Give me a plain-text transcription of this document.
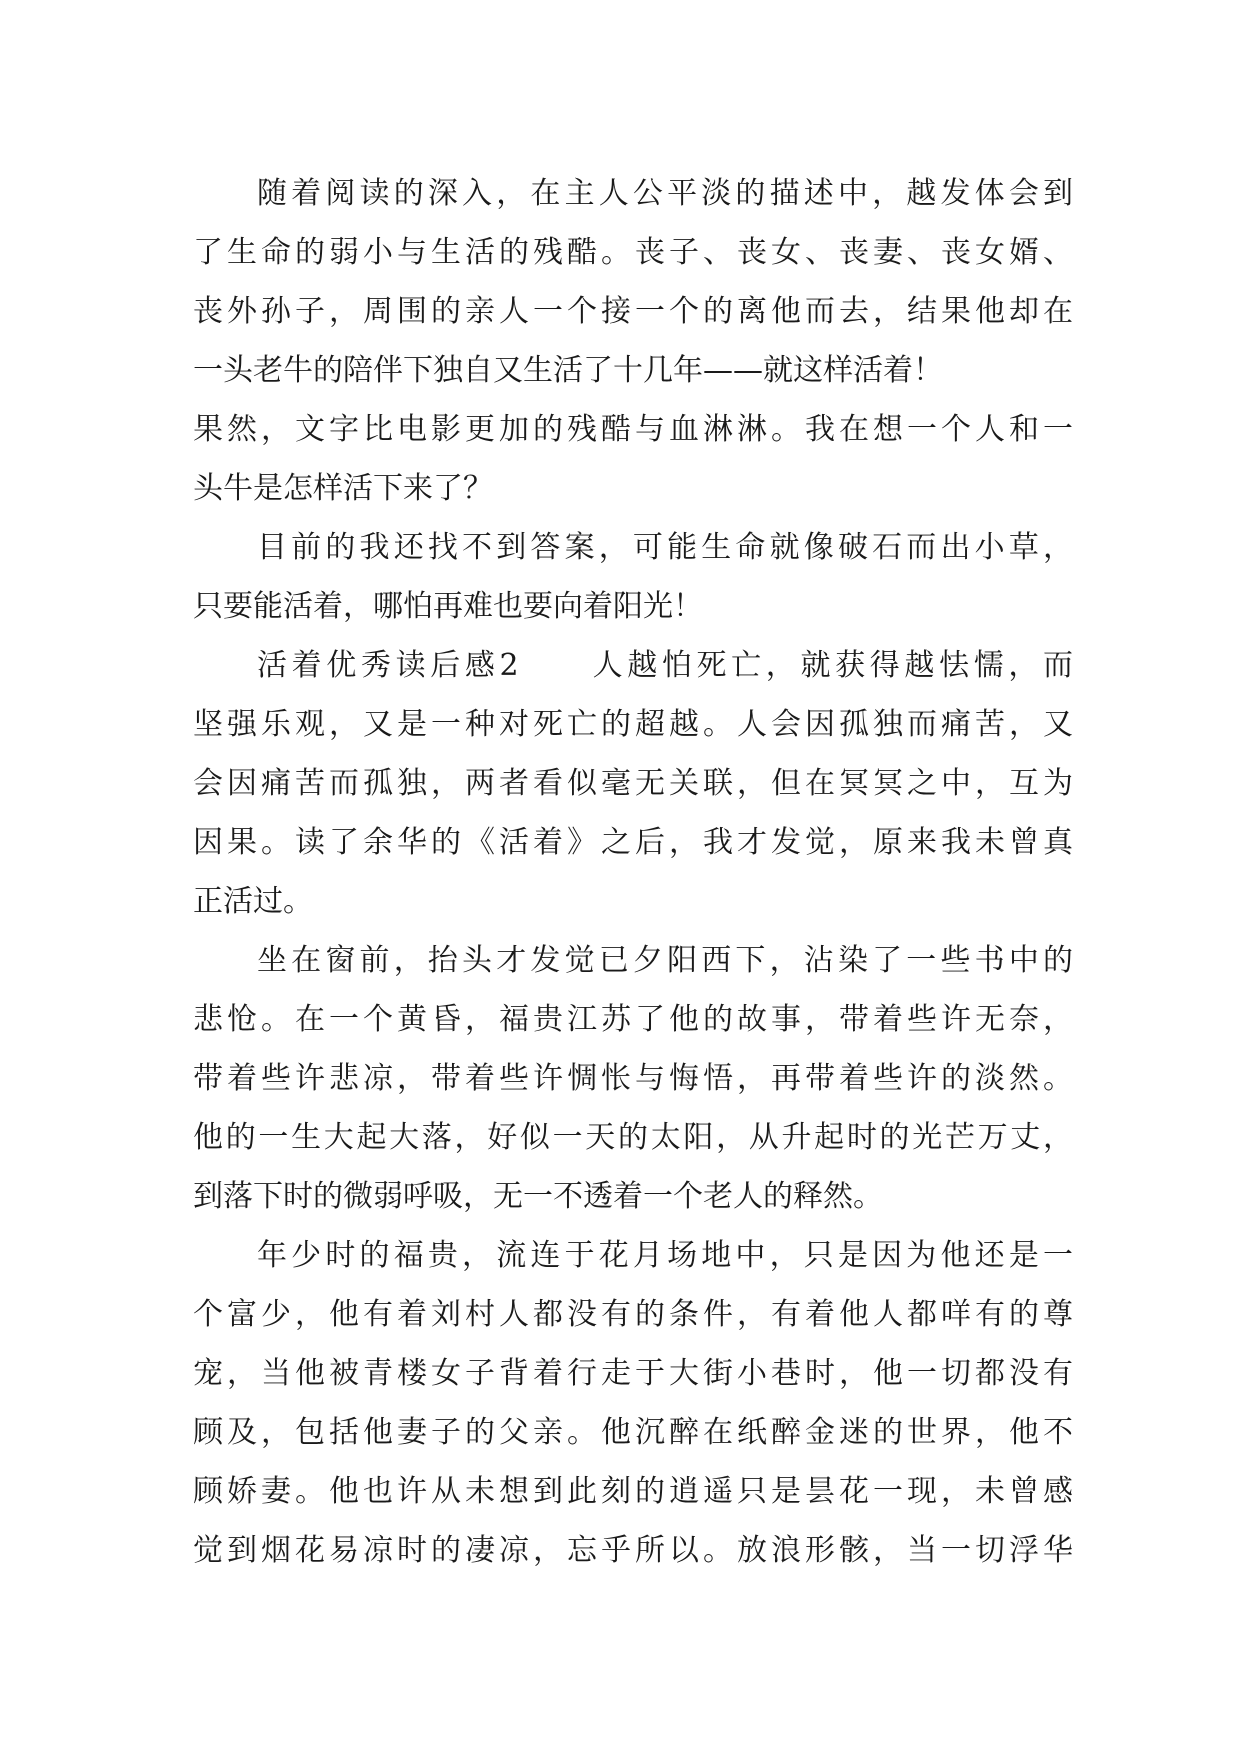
随着阅读的深入，在主人公平淡的描述中，越发体会到
了生命的弱小与生活的残酷。丧子、丧女、丧妻、丧女婿、
丧外孙子，周围的亲人一个接一个的离他而去，结果他却在
一头老牛的陪伴下独自又生活了十几年——就这样活着！
果然，文字比电影更加的残酷与血淋淋。我在想一个人和一
头牛是怎样活下来了？
目前的我还找不到答案，可能生命就像破石而出小草，
只要能活着，哪怕再难也要向着阳光！
活着优秀读后感2　　人越怕死亡，就获得越怯懦，而
坚强乐观，又是一种对死亡的超越。人会因孤独而痛苦，又
会因痛苦而孤独，两者看似毫无关联，但在冥冥之中，互为
因果。读了余华的《活着》之后，我才发觉，原来我未曾真
正活过。
坐在窗前，抬头才发觉已夕阳西下，沾染了一些书中的
悲怆。在一个黄昏，福贵江苏了他的故事，带着些许无奈，
带着些许悲凉，带着些许惆怅与悔悟，再带着些许的淡然。
他的一生大起大落，好似一天的太阳，从升起时的光芒万丈，
到落下时的微弱呼吸，无一不透着一个老人的释然。
年少时的福贵，流连于花月场地中，只是因为他还是一
个富少，他有着刘村人都没有的条件，有着他人都咩有的尊
宠，当他被青楼女子背着行走于大街小巷时，他一切都没有
顾及，包括他妻子的父亲。他沉醉在纸醉金迷的世界，他不
顾娇妻。他也许从未想到此刻的逍遥只是昙花一现，未曾感
觉到烟花易凉时的凄凉，忘乎所以。放浪形骸，当一切浮华
